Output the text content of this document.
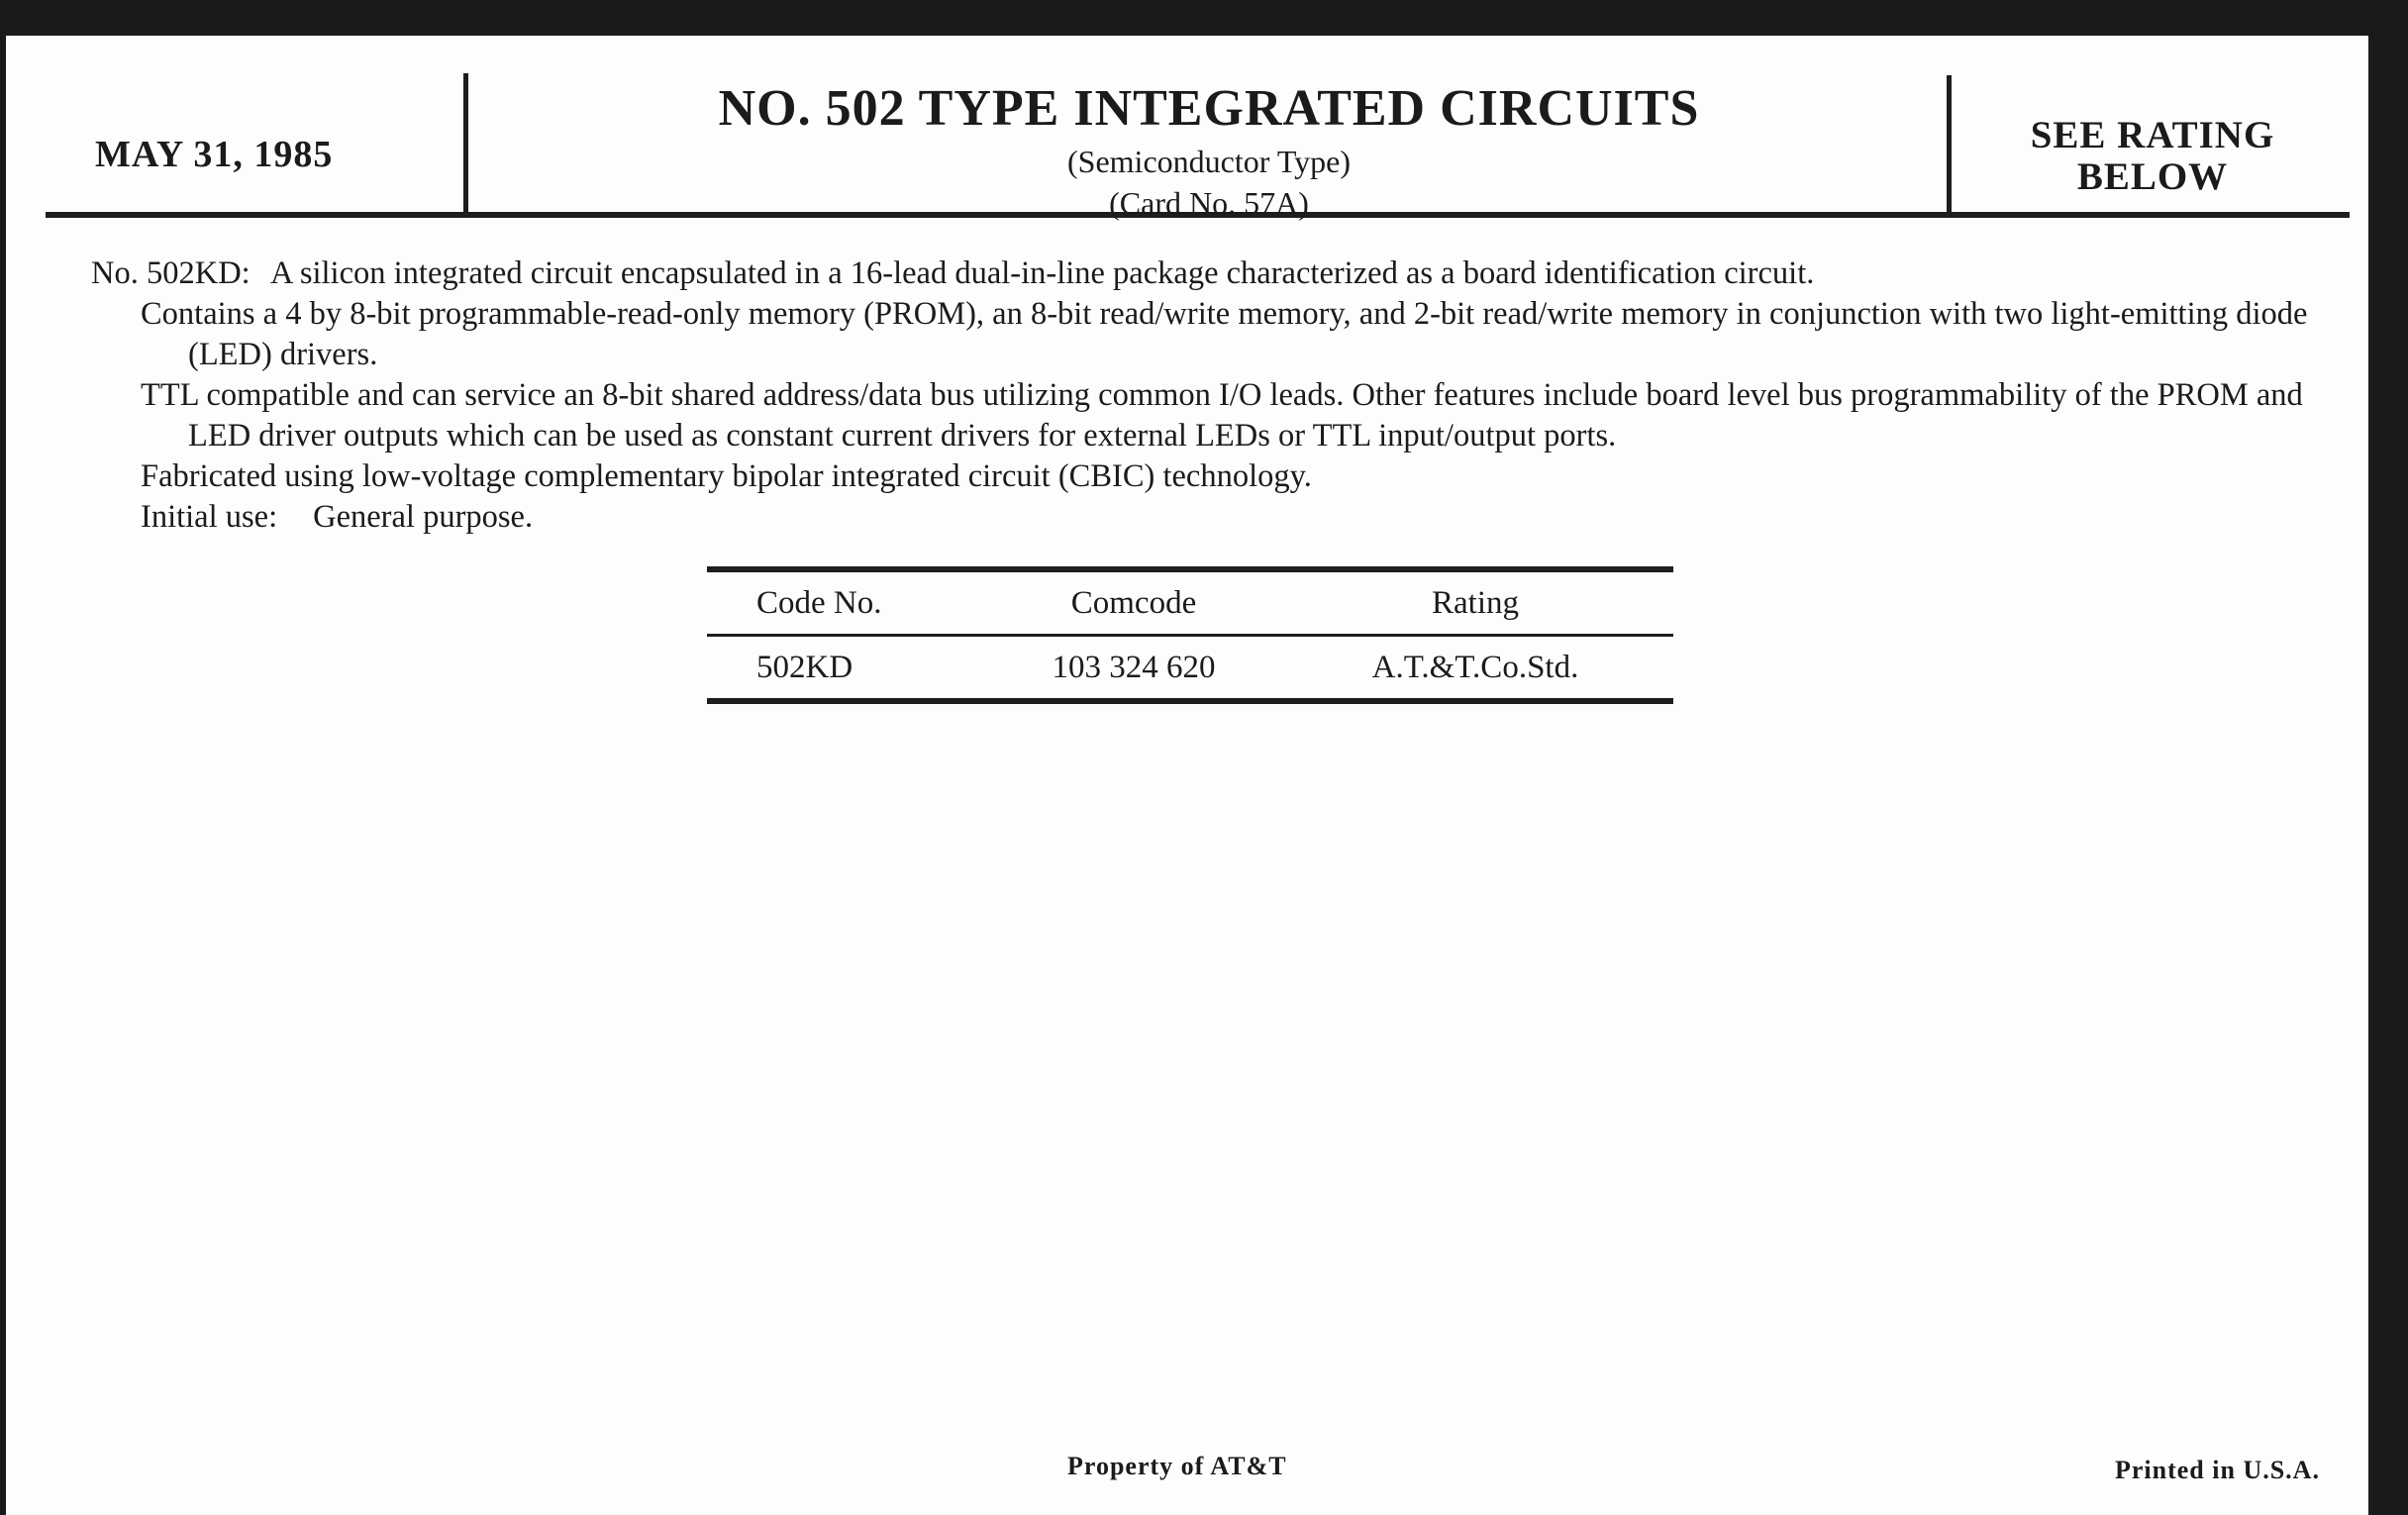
MAY 31, 1985
NO. 502 TYPE INTEGRATED CIRCUITS
(Semiconductor Type)
(Card No. 57A)
SEE RATING
BELOW

No. 502KD: A silicon integrated circuit encapsulated in a 16-lead dual-in-line package characterized as a board identification circuit.

Contains a 4 by 8-bit programmable-read-only memory (PROM), an 8-bit read/write memory, and 2-bit read/write memory in conjunction with two light-emitting diode (LED) drivers.

TTL compatible and can service an 8-bit shared address/data bus utilizing common I/O leads. Other features include board level bus programmability of the PROM and LED driver outputs which can be used as constant current drivers for external LEDs or TTL input/output ports.

Fabricated using low-voltage complementary bipolar integrated circuit (CBIC) technology.

Initial use: General purpose.

Code No.	Comcode	Rating
502KD	103 324 620	A.T.&T.Co.Std.
Property of AT&T	Printed in U.S.A.
